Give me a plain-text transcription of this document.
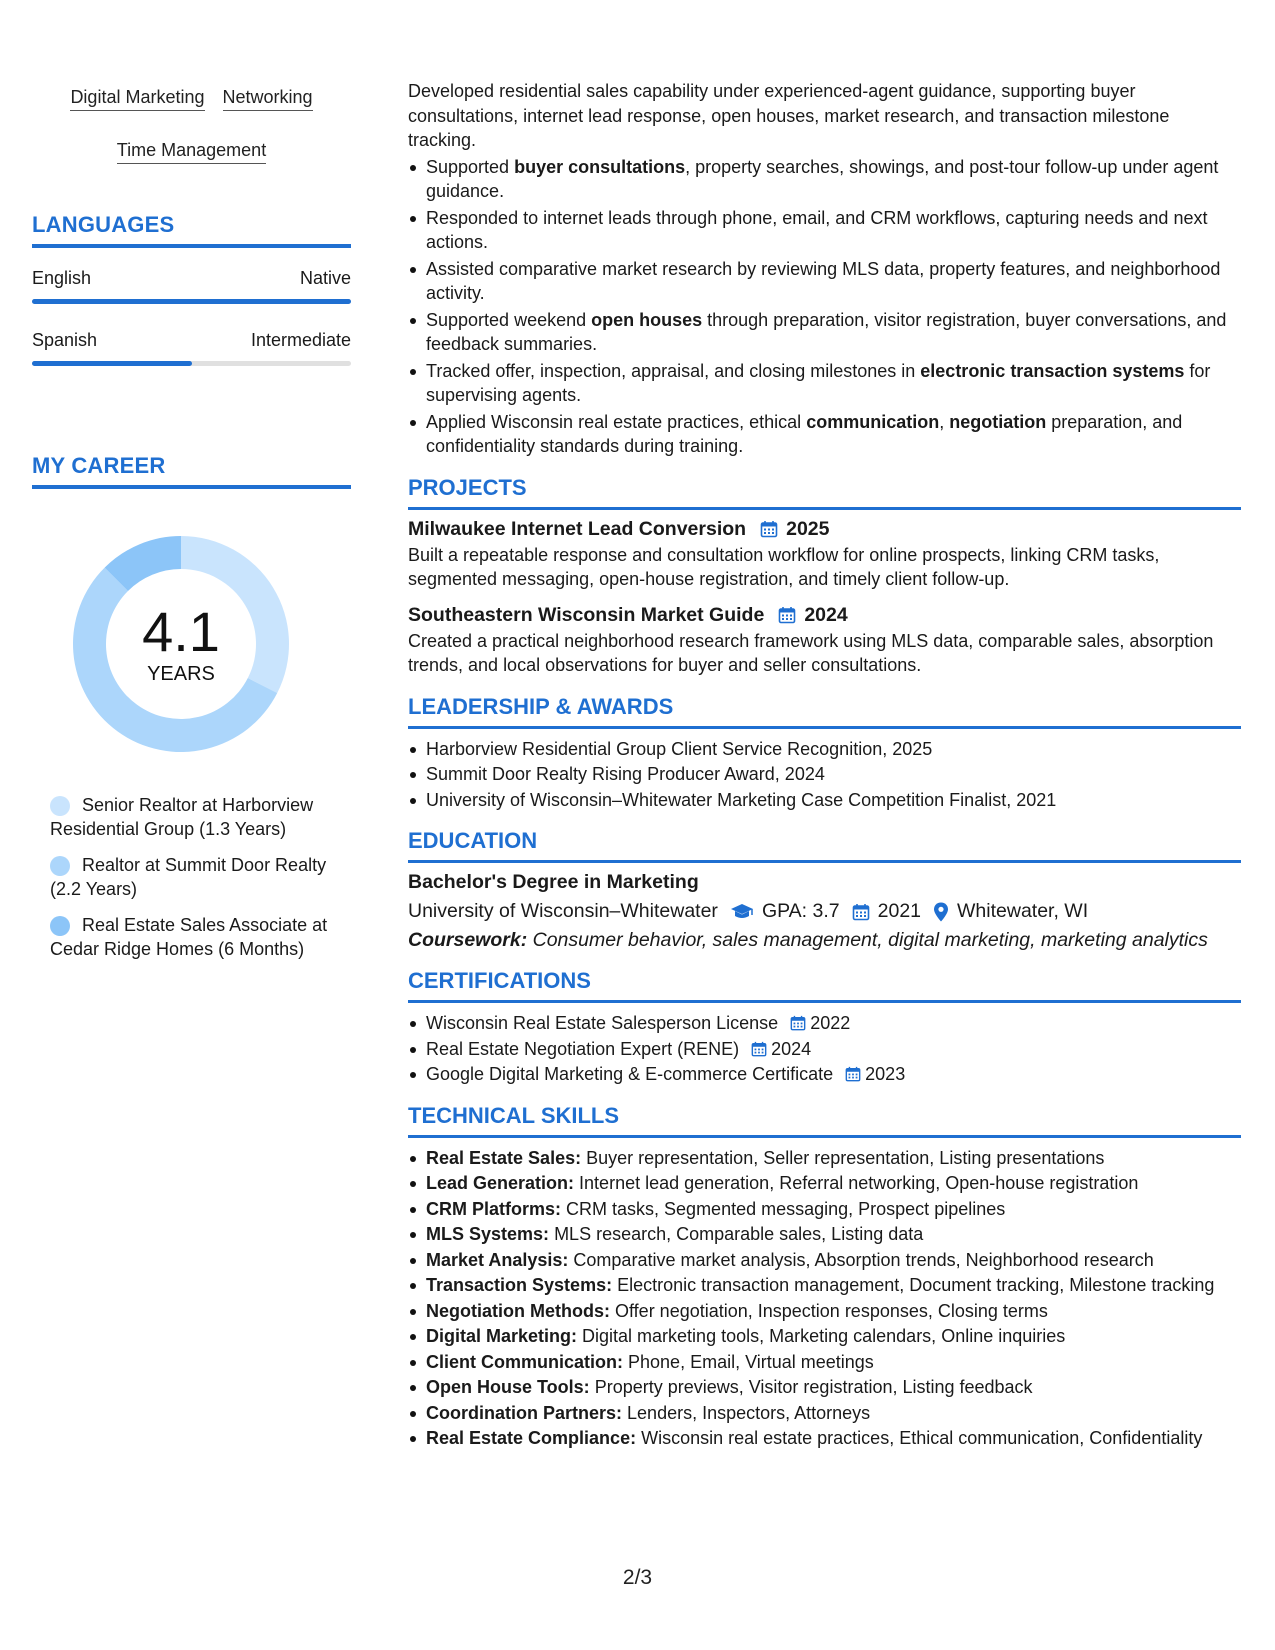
Digital Marketing Networking
Time Management
LANGUAGES
English	Native
Spanish	Intermediate
MY CAREER
4.1
YEARS
Senior Realtor at Harborview Residential Group (1.3 Years)
Realtor at Summit Door Realty (2.2 Years)
Real Estate Sales Associate at Cedar Ridge Homes (6 Months)

Developed residential sales capability under experienced-agent guidance, supporting buyer consultations, internet lead response, open houses, market research, and transaction milestone tracking.

Supported buyer consultations, property searches, showings, and post-tour follow-up under agent guidance.
Responded to internet leads through phone, email, and CRM workflows, capturing needs and next actions.
Assisted comparative market research by reviewing MLS data, property features, and neighborhood activity.
Supported weekend open houses through preparation, visitor registration, buyer conversations, and feedback summaries.
Tracked offer, inspection, appraisal, and closing milestones in electronic transaction systems for supervising agents.
Applied Wisconsin real estate practices, ethical communication, negotiation preparation, and confidentiality standards during training.
PROJECTS
Milwaukee Internet Lead Conversion 2025

Built a repeatable response and consultation workflow for online prospects, linking CRM tasks, segmented messaging, open-house registration, and timely client follow-up.

Southeastern Wisconsin Market Guide 2024

Created a practical neighborhood research framework using MLS data, comparable sales, absorption trends, and local observations for buyer and seller consultations.

LEADERSHIP & AWARDS
Harborview Residential Group Client Service Recognition, 2025
Summit Door Realty Rising Producer Award, 2024
University of Wisconsin–Whitewater Marketing Case Competition Finalist, 2021
EDUCATION
Bachelor's Degree in Marketing
University of Wisconsin–Whitewater GPA: 3.7 2021 Whitewater, WI
Coursework: Consumer behavior, sales management, digital marketing, marketing analytics
CERTIFICATIONS
Wisconsin Real Estate Salesperson License 2022
Real Estate Negotiation Expert (RENE) 2024
Google Digital Marketing & E-commerce Certificate 2023
TECHNICAL SKILLS
Real Estate Sales: Buyer representation, Seller representation, Listing presentations
Lead Generation: Internet lead generation, Referral networking, Open-house registration
CRM Platforms: CRM tasks, Segmented messaging, Prospect pipelines
MLS Systems: MLS research, Comparable sales, Listing data
Market Analysis: Comparative market analysis, Absorption trends, Neighborhood research
Transaction Systems: Electronic transaction management, Document tracking, Milestone tracking
Negotiation Methods: Offer negotiation, Inspection responses, Closing terms
Digital Marketing: Digital marketing tools, Marketing calendars, Online inquiries
Client Communication: Phone, Email, Virtual meetings
Open House Tools: Property previews, Visitor registration, Listing feedback
Coordination Partners: Lenders, Inspectors, Attorneys
Real Estate Compliance: Wisconsin real estate practices, Ethical communication, Confidentiality
2/3
